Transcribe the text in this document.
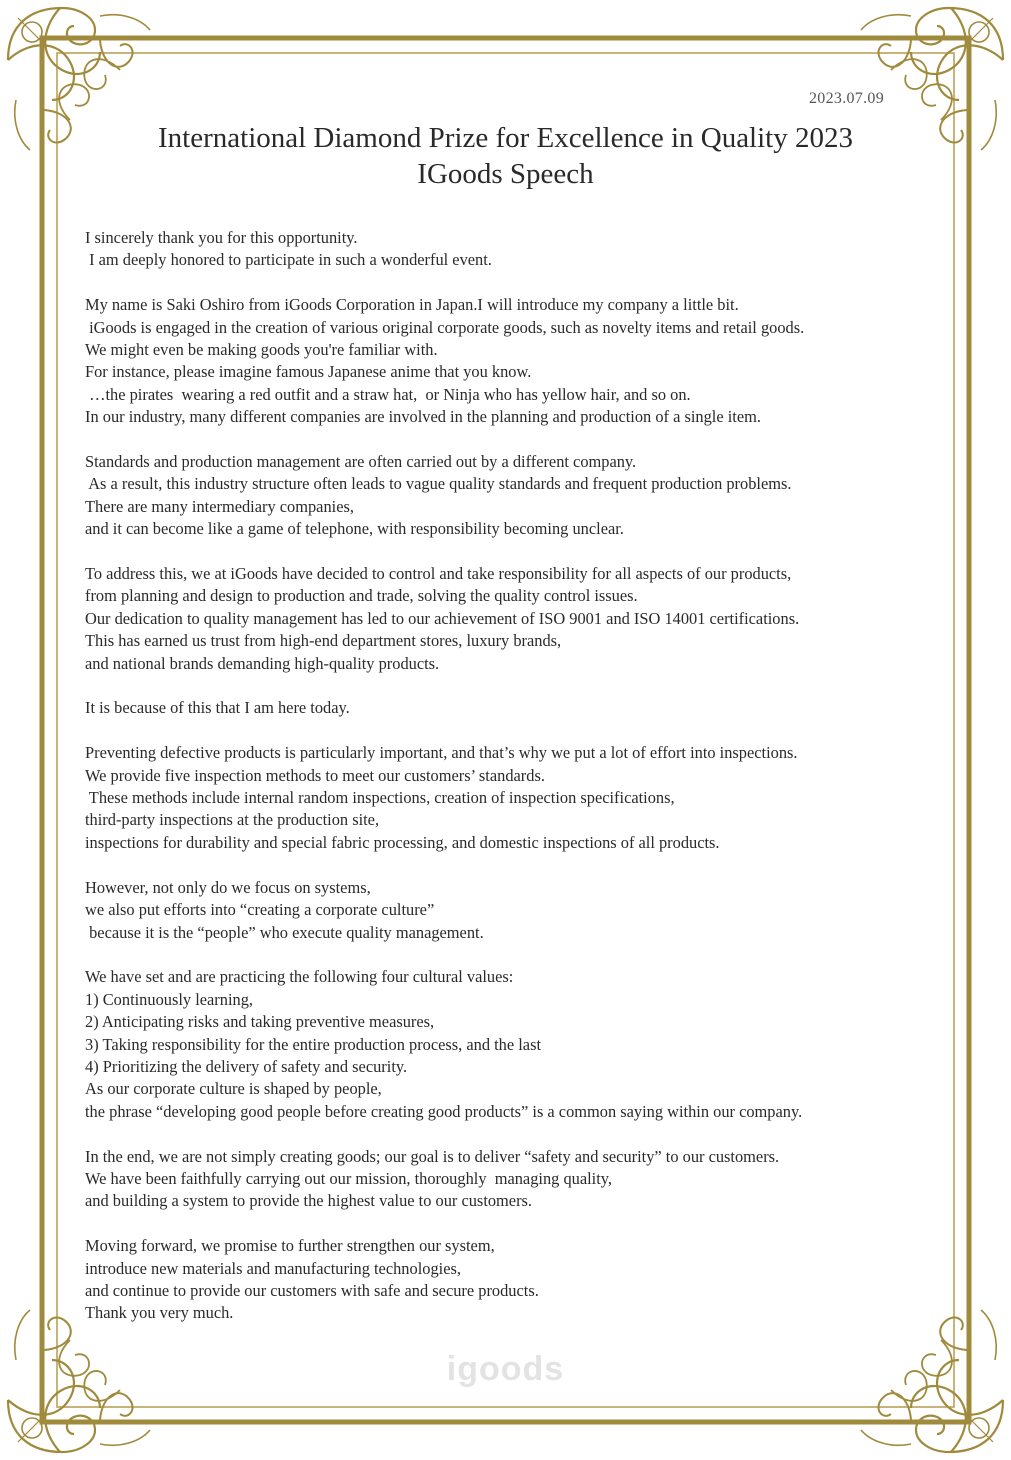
2023.07.09
International Diamond Prize for Excellence in Quality 2023
IGoods Speech
I sincerely thank you for this opportunity.
I am deeply honored to participate in such a wonderful event.
My name is Saki Oshiro from iGoods Corporation in Japan.I will introduce my company a little bit.
iGoods is engaged in the creation of various original corporate goods, such as novelty items and retail goods.
We might even be making goods you're familiar with.
For instance, please imagine famous Japanese anime that you know.
…the pirates  wearing a red outfit and a straw hat,  or Ninja who has yellow hair, and so on.
In our industry, many different companies are involved in the planning and production of a single item.
Standards and production management are often carried out by a different company.
As a result, this industry structure often leads to vague quality standards and frequent production problems.
There are many intermediary companies,
and it can become like a game of telephone, with responsibility becoming unclear.
To address this, we at iGoods have decided to control and take responsibility for all aspects of our products,
from planning and design to production and trade, solving the quality control issues.
Our dedication to quality management has led to our achievement of ISO 9001 and ISO 14001 certifications.
This has earned us trust from high-end department stores, luxury brands,
and national brands demanding high-quality products.
It is because of this that I am here today.
Preventing defective products is particularly important, and that’s why we put a lot of effort into inspections.
We provide five inspection methods to meet our customers’ standards.
These methods include internal random inspections, creation of inspection specifications,
third-party inspections at the production site,
inspections for durability and special fabric processing, and domestic inspections of all products.
However, not only do we focus on systems,
we also put efforts into “creating a corporate culture”
because it is the “people” who execute quality management.
We have set and are practicing the following four cultural values:
1) Continuously learning,
2) Anticipating risks and taking preventive measures,
3) Taking responsibility for the entire production process, and the last
4) Prioritizing the delivery of safety and security.
As our corporate culture is shaped by people,
the phrase “developing good people before creating good products” is a common saying within our company.
In the end, we are not simply creating goods; our goal is to deliver “safety and security” to our customers.
We have been faithfully carrying out our mission, thoroughly  managing quality,
and building a system to provide the highest value to our customers.
Moving forward, we promise to further strengthen our system,
introduce new materials and manufacturing technologies,
and continue to provide our customers with safe and secure products.
Thank you very much.
igoods
